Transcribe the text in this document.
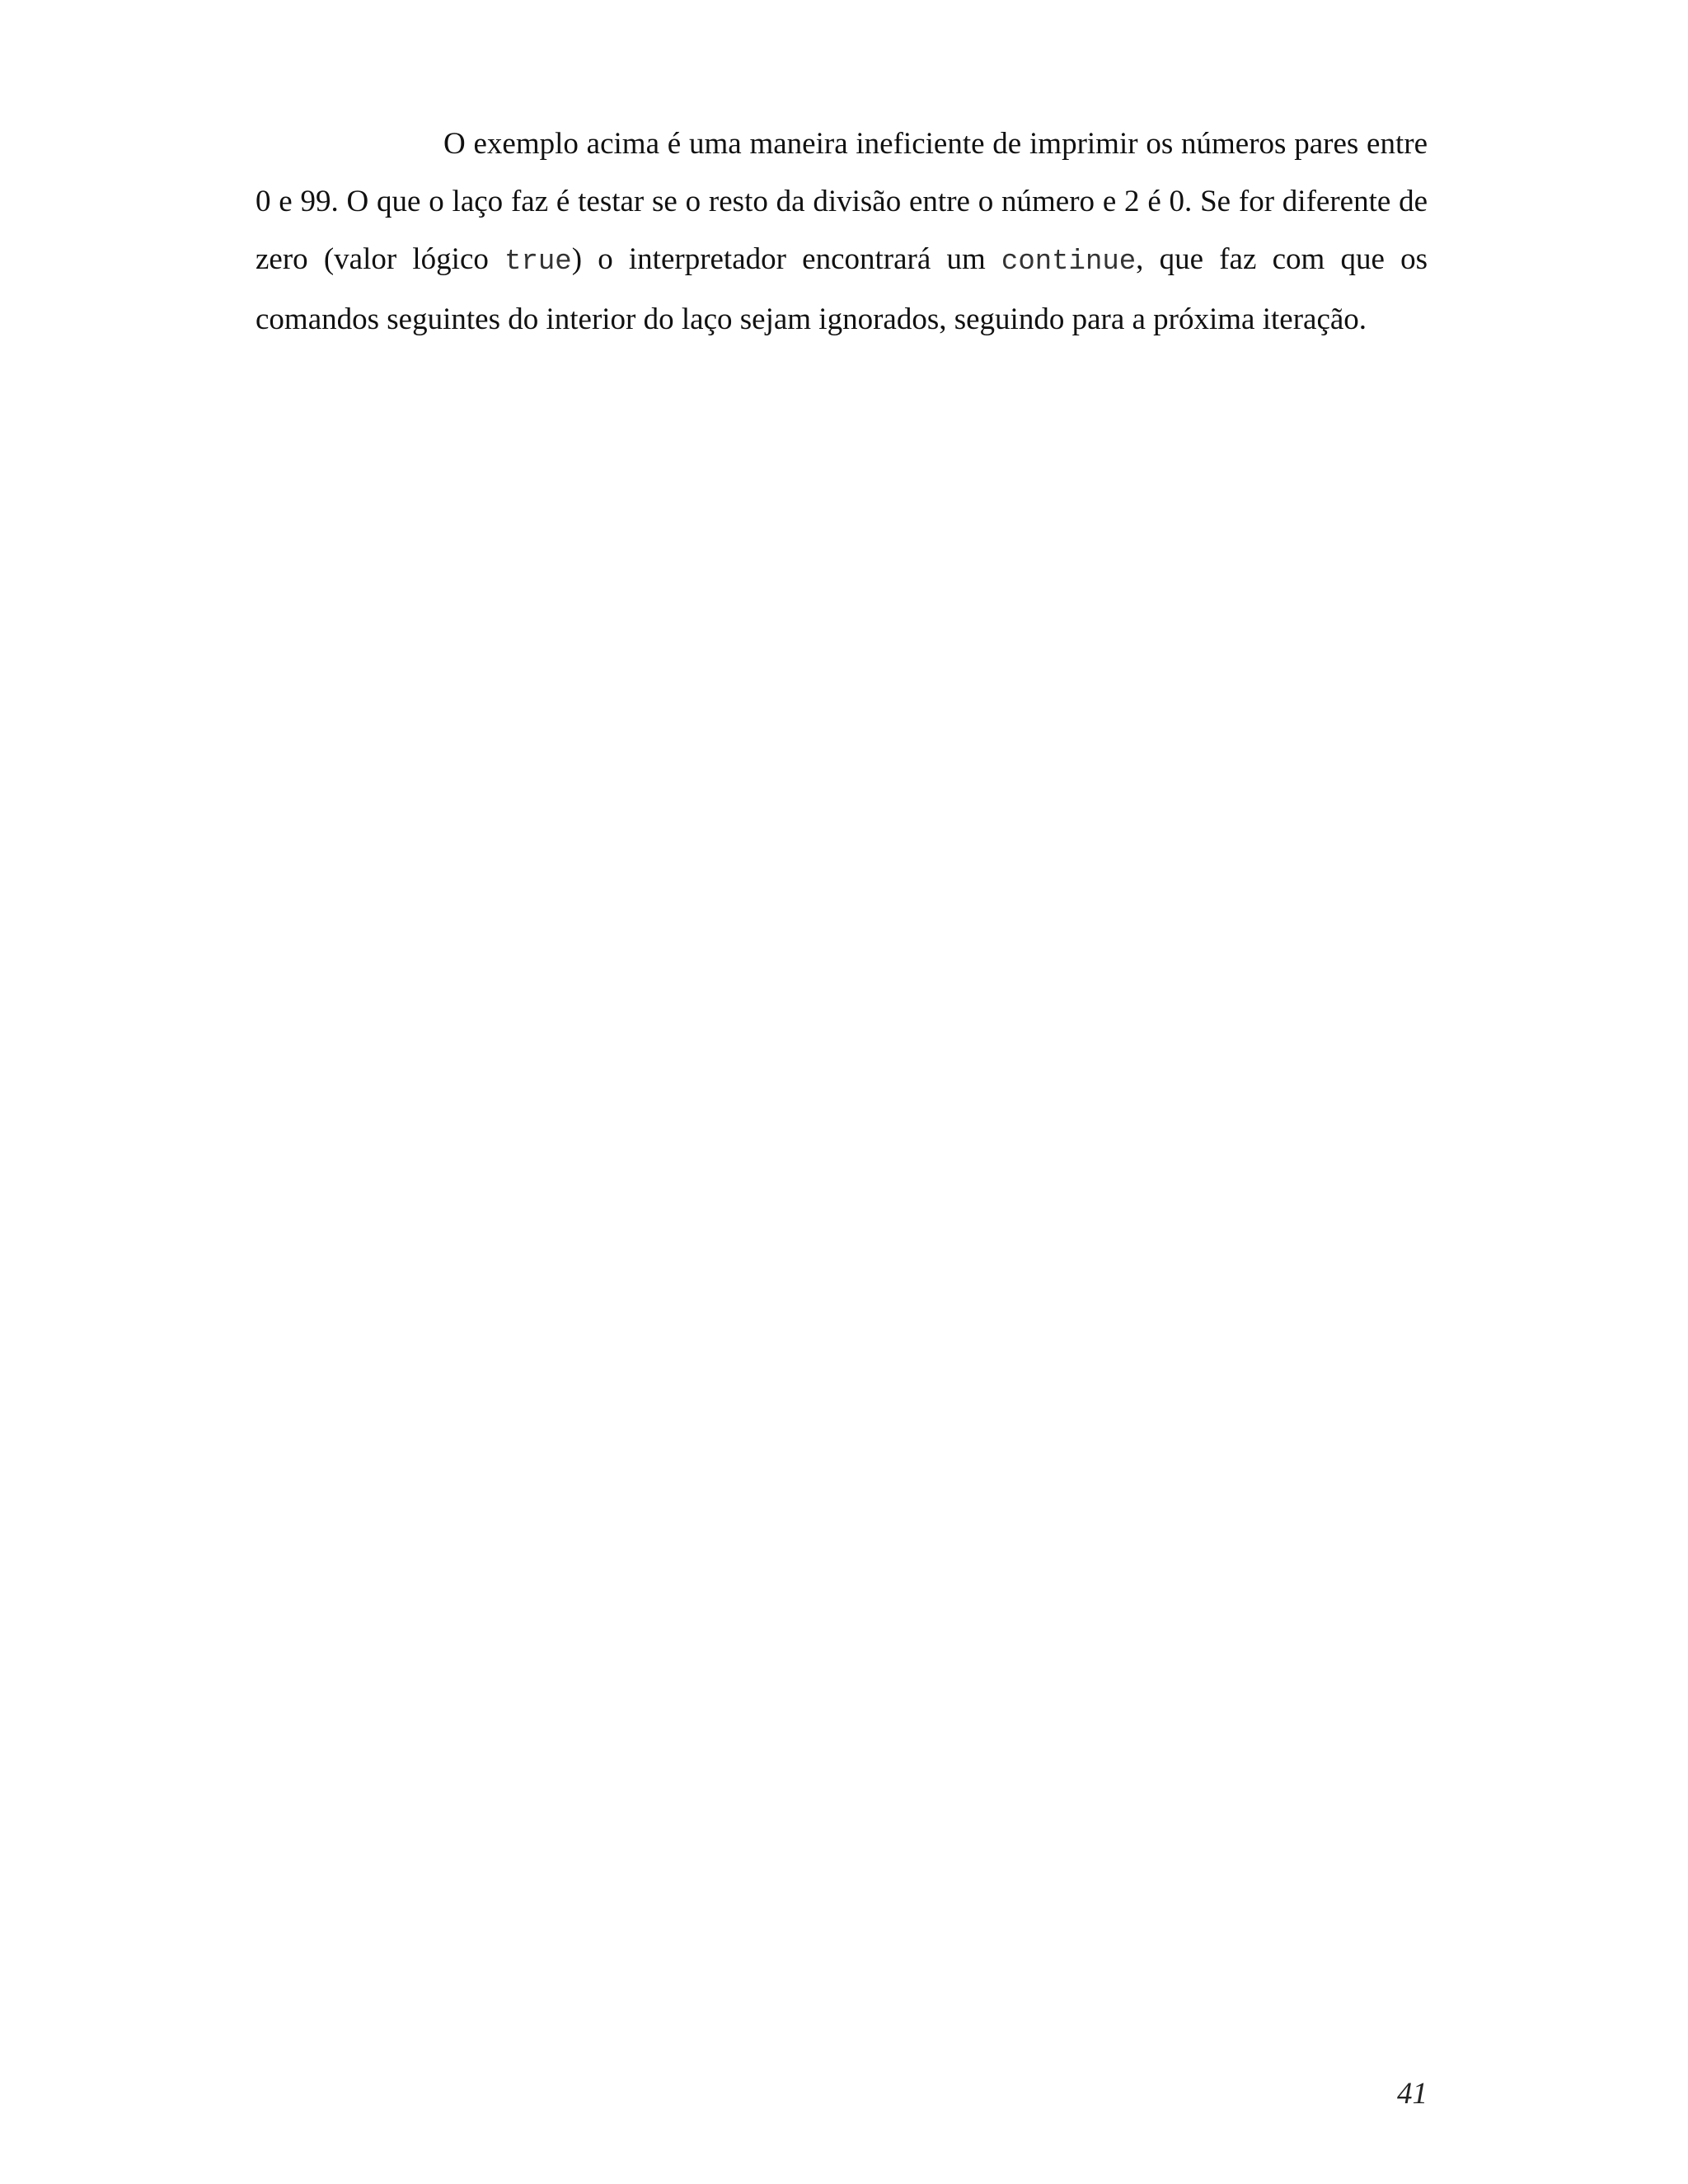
O exemplo acima é uma maneira ineficiente de imprimir os números pares entre 0 e 99. O que o laço faz é testar se o resto da divisão entre o número e 2 é 0. Se for diferente de zero (valor lógico true) o interpretador encontrará um continue, que faz com que os comandos seguintes do interior do laço sejam ignorados, seguindo para a próxima iteração.

41
